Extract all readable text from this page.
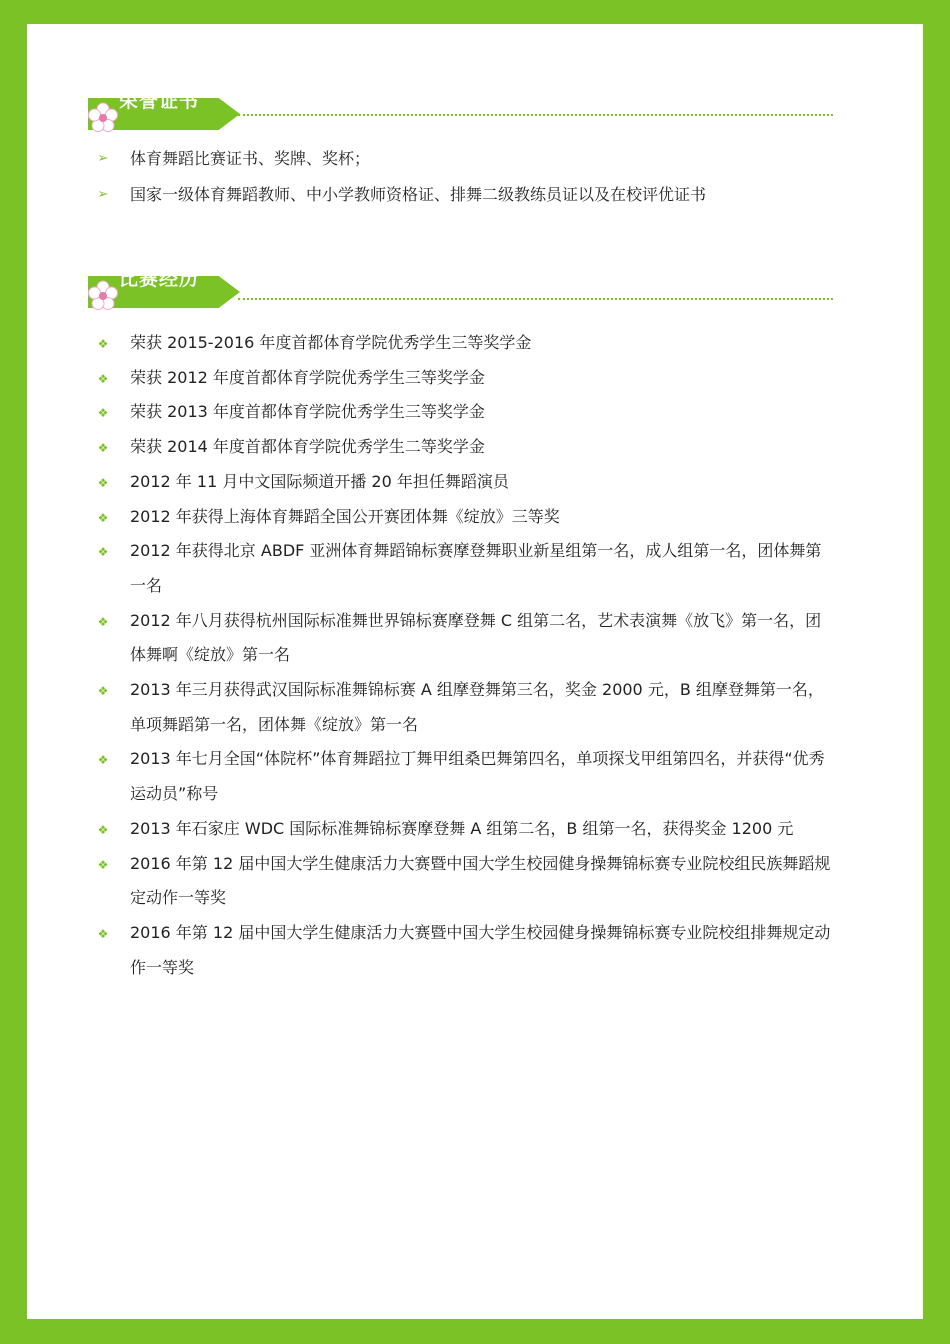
荣誉证书
➢ 体育舞蹈比赛证书、奖牌、奖杯；
➢ 国家一级体育舞蹈教师、中小学教师资格证、排舞二级教练员证以及在校评优证书
比赛经历
❖ 荣获 2015-2016 年度首都体育学院优秀学生三等奖学金
❖ 荣获 2012 年度首都体育学院优秀学生三等奖学金
❖ 荣获 2013 年度首都体育学院优秀学生三等奖学金
❖ 荣获 2014 年度首都体育学院优秀学生二等奖学金
❖ 2012 年 11 月中文国际频道开播 20 年担任舞蹈演员
❖ 2012 年获得上海体育舞蹈全国公开赛团体舞《绽放》三等奖
❖ 2012 年获得北京 ABDF 亚洲体育舞蹈锦标赛摩登舞职业新星组第一名，成人组第一名，团体舞第一名
❖ 2012 年八月获得杭州国际标准舞世界锦标赛摩登舞 C 组第二名，艺术表演舞《放飞》第一名，团体舞啊《绽放》第一名
❖ 2013 年三月获得武汉国际标准舞锦标赛 A 组摩登舞第三名，奖金 2000 元，B 组摩登舞第一名，单项舞蹈第一名，团体舞《绽放》第一名
❖ 2013 年七月全国“体院杯”体育舞蹈拉丁舞甲组桑巴舞第四名，单项探戈甲组第四名，并获得“优秀运动员”称号
❖ 2013 年石家庄 WDC 国际标准舞锦标赛摩登舞 A 组第二名，B 组第一名，获得奖金 1200 元
❖ 2016 年第 12 届中国大学生健康活力大赛暨中国大学生校园健身操舞锦标赛专业院校组民族舞蹈规定动作一等奖
❖ 2016 年第 12 届中国大学生健康活力大赛暨中国大学生校园健身操舞锦标赛专业院校组排舞规定动作一等奖
